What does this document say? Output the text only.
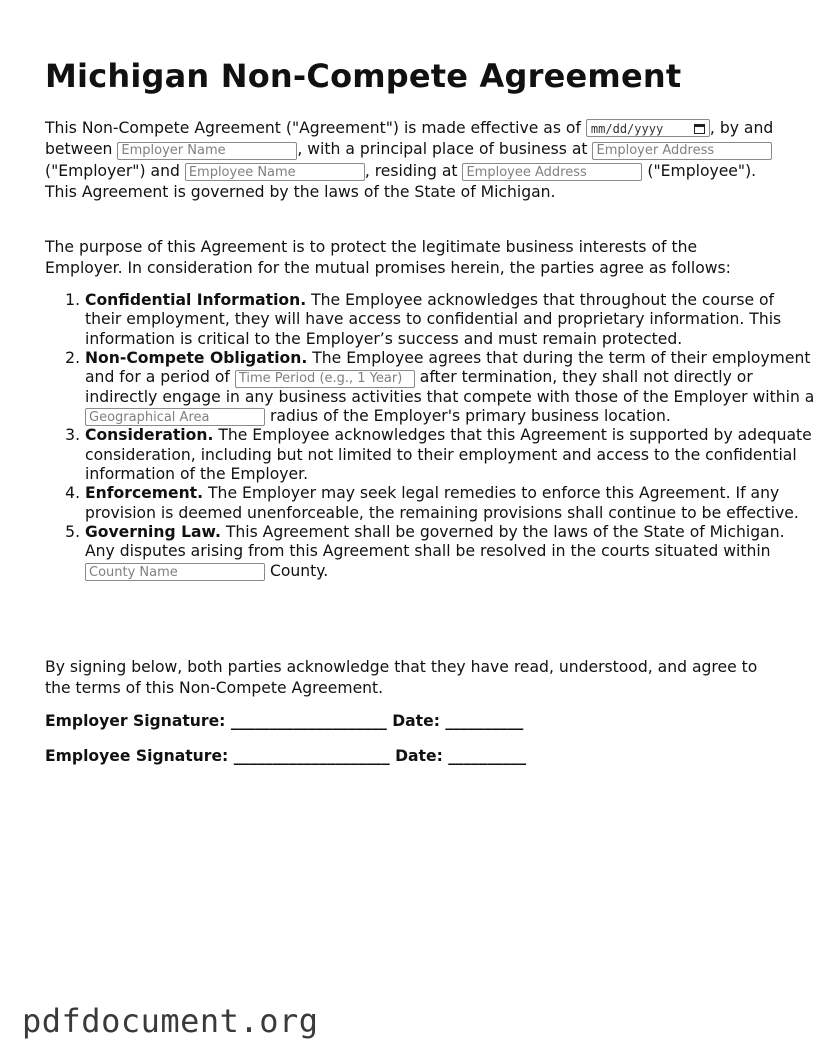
Michigan Non-Compete Agreement

This Non-Compete Agreement ("Agreement") is made effective as of mm/dd/yyyy	, by and between Employer Name	, with a principal place of business at Employer Address ("Employer") and Employee Name	, residing at Employee Address	("Employee"). This Agreement is governed by the laws of the State of Michigan.

The purpose of this Agreement is to protect the legitimate business interests of the Employer. In consideration for the mutual promises herein, the parties agree as follows:

1. Confidential Information. The Employee acknowledges that throughout the course of their employment, they will have access to confidential and proprietary information. This information is critical to the Employer’s success and must remain protected.
2. Non-Compete Obligation. The Employee agrees that during the term of their employment and for a period of Time Period (e.g., 1 Year)	after termination, they shall not directly or indirectly engage in any business activities that compete with those of the Employer within a Geographical Area radius of the Employer's primary business location.
3. Consideration. The Employee acknowledges that this Agreement is supported by adequate consideration, including but not limited to their employment and access to the confidential information of the Employer.
4. Enforcement. The Employer may seek legal remedies to enforce this Agreement. If any provision is deemed unenforceable, the remaining provisions shall continue to be effective.
5. Governing Law. This Agreement shall be governed by the laws of the State of Michigan. Any disputes arising from this Agreement shall be resolved in the courts situated within County Name County.

By signing below, both parties acknowledge that they have read, understood, and agree to the terms of this Non-Compete Agreement.

Employer Signature: ____________________ Date: __________
Employee Signature: ____________________ Date: __________
pdfdocument.org
